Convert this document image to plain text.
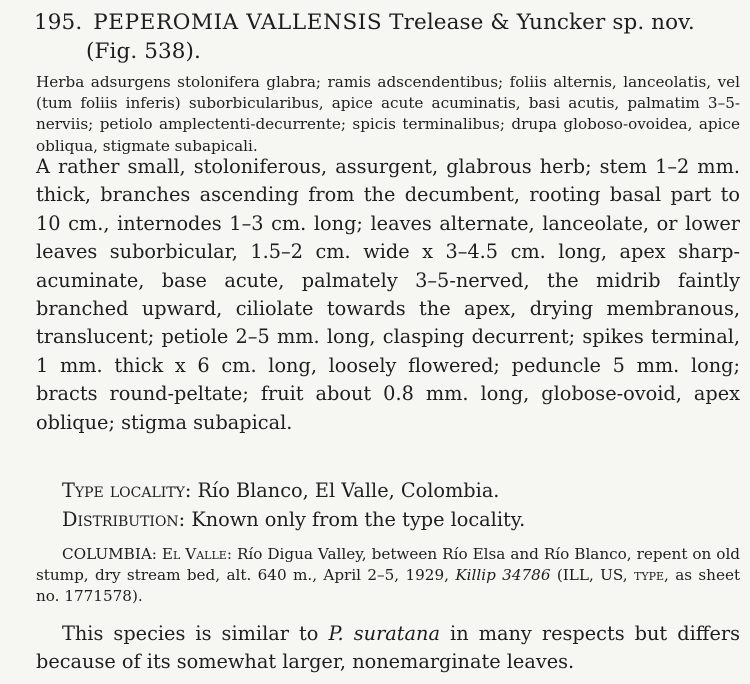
195. PEPEROMIA VALLENSIS Trelease & Yuncker sp. nov.
(Fig. 538).
Herba adsurgens stolonifera glabra; ramis adscendentibus; foliis alternis, lanceolatis, vel (tum foliis inferis) suborbicularibus, apice acute acuminatis, basi acutis, palmatim 3–5-nerviis; petiolo amplectenti-decurrente; spicis terminalibus; drupa globoso-ovoidea, apice obliqua, stigmate subapicali.
A rather small, stoloniferous, assurgent, glabrous herb; stem 1–2 mm. thick, branches ascending from the decumbent, rooting basal part to 10 cm., internodes 1–3 cm. long; leaves alternate, lanceolate, or lower leaves suborbicular, 1.5–2 cm. wide x 3–4.5 cm. long, apex sharp-acuminate, base acute, palmately 3–5-nerved, the midrib faintly branched upward, ciliolate towards the apex, drying membranous, translucent; petiole 2–5 mm. long, clasping decurrent; spikes terminal, 1 mm. thick x 6 cm. long, loosely flowered; peduncle 5 mm. long; bracts round-peltate; fruit about 0.8 mm. long, globose-ovoid, apex oblique; stigma subapical.
Type locality: Río Blanco, El Valle, Colombia.
Distribution: Known only from the type locality.
COLUMBIA: El Valle: Río Digua Valley, between Río Elsa and Río Blanco, repent on old stump, dry stream bed, alt. 640 m., April 2–5, 1929, Killip 34786 (ILL, US, type, as sheet no. 1771578).
This species is similar to P. suratana in many respects but differs because of its somewhat larger, nonemarginate leaves.
